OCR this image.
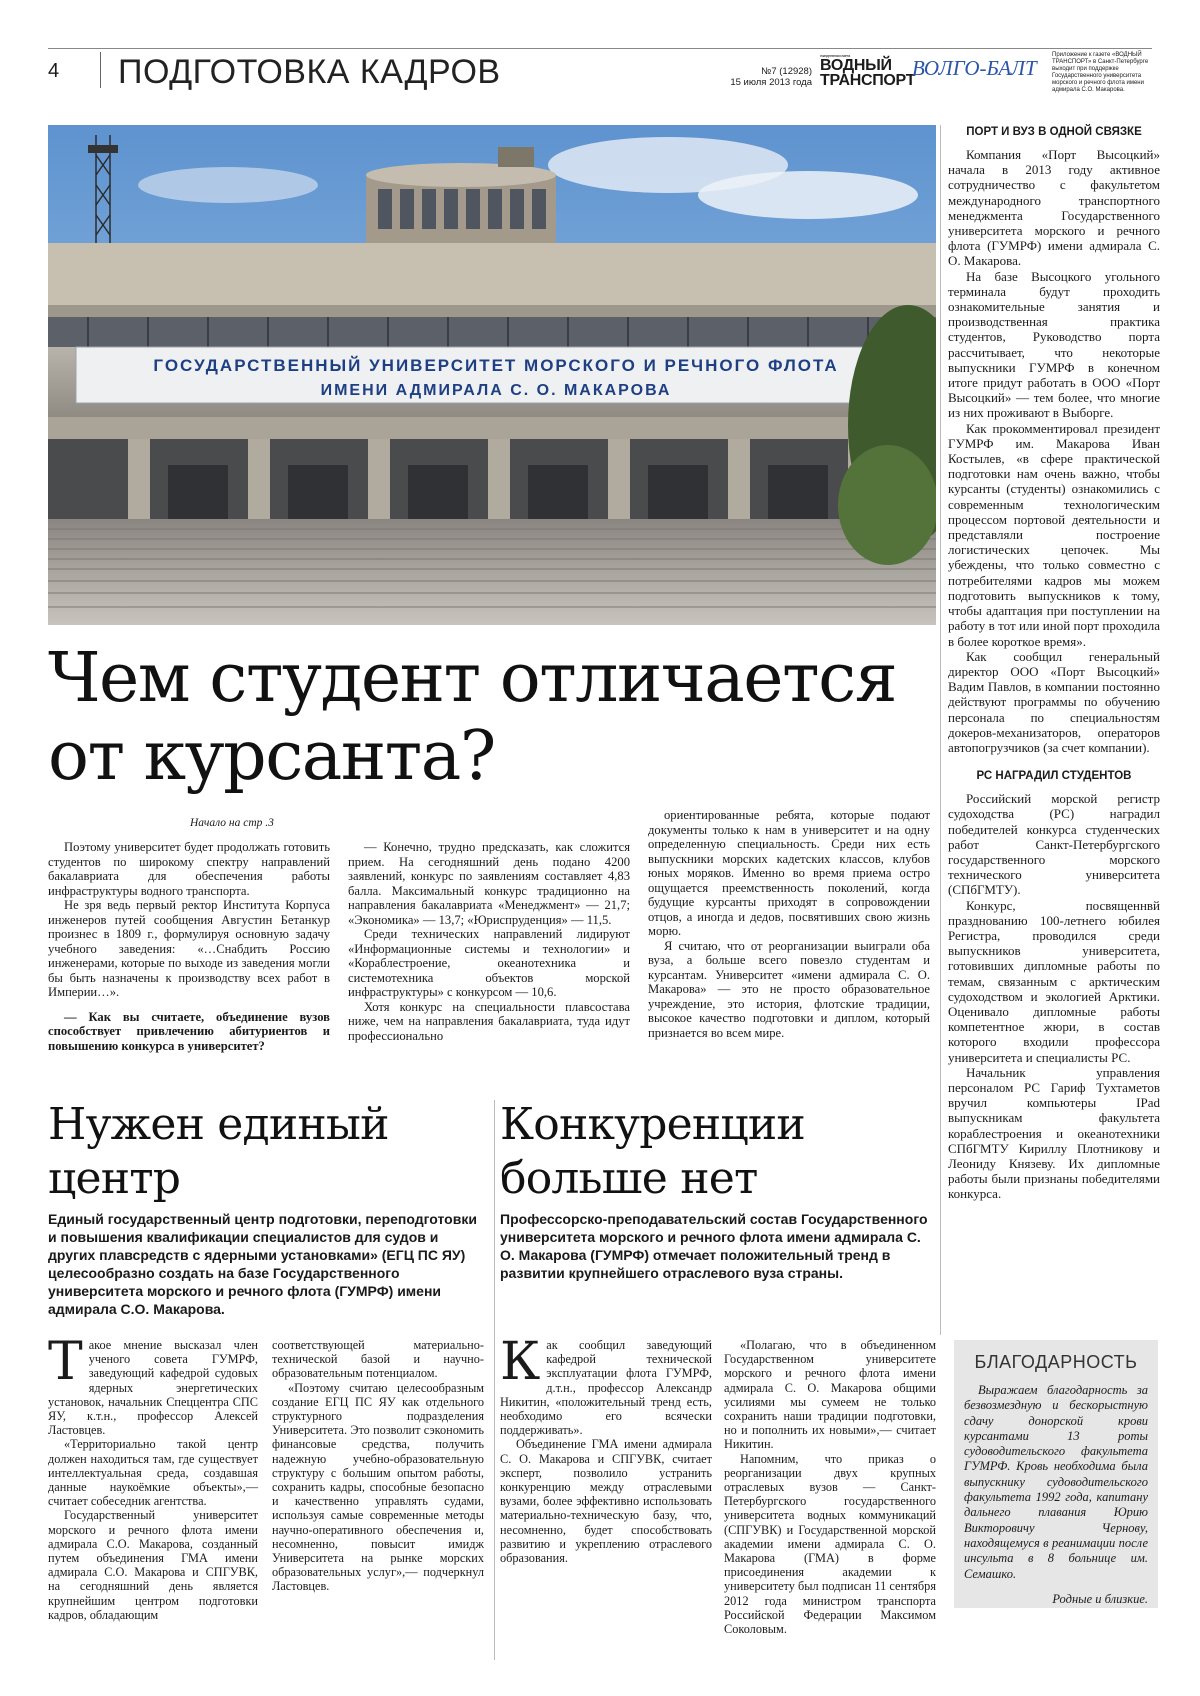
4 ПОДГОТОВКА КАДРОВ	№7 (12928)
15 июля 2013 года
ежедневная газета
ВОДНЫЙ
ТРАНСПОРТ
ВОЛГО-БАЛТ
Приложение к газете «ВОДНЫЙ ТРАНСПОРТ» в Санкт-Петербурге выходит при поддержке Государственного университета морского и речного флота имени адмирала С.О. Макарова.
ГОСУДАРСТВЕННЫЙ УНИВЕРСИТЕТ МОРСКОГО И РЕЧНОГО ФЛОТА
ИМЕНИ АДМИРАЛА С. О. МАКАРОВА
ПОРТ И ВУЗ В ОДНОЙ СВЯЗКЕ

Компания «Порт Высоцкий» начала в 2013 году активное сотрудничество с факультетом международного транспортного менеджмента Государственного университета морского и речного флота (ГУМРФ) имени адмирала С. О. Макарова.

На базе Высоцкого угольного терминала будут проходить ознакомительные занятия и производственная практика студентов, Руководство порта рассчитывает, что некоторые выпускники ГУМРФ в конечном итоге придут работать в ООО «Порт Высоцкий» — тем более, что многие из них проживают в Выборге.

Как прокомментировал президент ГУМРФ им. Макарова Иван Костылев, «в сфере практической подготовки нам очень важно, чтобы курсанты (студенты) ознакомились с современным технологическим процессом портовой деятельности и представляли построение логистических цепочек. Мы убеждены, что только совместно с потребителями кадров мы можем подготовить выпускников к тому, чтобы адаптация при поступлении на работу в тот или иной порт проходила в более короткое время».

Как сообщил генеральный директор ООО «Порт Высоцкий» Вадим Павлов, в компании постоянно действуют программы по обучению персонала по специальностям докеров-механизаторов, операторов автопогрузчиков (за счет компании).

РС НАГРАДИЛ СТУДЕНТОВ

Российский морской регистр судоходства (РС) наградил победителей конкурса студенческих работ Санкт-Петербургского государственного морского технического университета (СПбГМТУ).

Конкурс, посвященнвй празднованию 100-летнего юбилея Регистра, проводился среди выпускников университета, готовивших дипломные работы по темам, связанным с арктическим судоходством и экологией Арктики. Оценивало дипломные работы компетентное жюри, в состав которого входили профессора университета и специалисты РС.

Начальник управления персоналом РС Гариф Тухтаметов вручил компьютеры IPad выпускникам факультета кораблестроения и океанотехники СПбГМТУ Кириллу Плотникову и Леониду Князеву. Их дипломные работы были признаны победителями конкурса.

БЛАГОДАРНОСТЬ

Выражаем благодарность за безвозмездную и бескорыстную сдачу донорской крови курсантами 13 роты судоводительского факультета ГУМРФ. Кровь необходима была выпускнику судоводительского факультета 1992 года, капитану дальнего плавания Юрию Викторовичу Чернову, находящемуся в реанимации после инсульта в 8 больнице им. Семашко.

Родные и близкие.
Чем студент отличается от курсанта?
Начало на стр .3

Поэтому университет будет продолжать готовить студентов по широкому спектру направлений бакалавриата для обеспечения работы инфраструктуры водного транспорта.

Не зря ведь первый ректор Института Корпуса инженеров путей сообщения Августин Бетанкур произнес в 1809 г., формулируя основную задачу учебного заведения: «…Снабдить Россию инженерами, которые по выходе из заведения могли бы быть назначены к производству всех работ в Империи…».

— Как вы считаете, объединение вузов способствует привлечению абитуриентов и повышению конкурса в университет?

— Конечно, трудно предсказать, как сложится прием. На сегодняшний день подано 4200 заявлений, конкурс по заявлениям составляет 4,83 балла. Максимальный конкурс традиционно на направления бакалавриата «Менеджмент» — 21,7; «Экономика» — 13,7; «Юриспруденция» — 11,5.

Среди технических направлений лидируют «Информационные системы и технологии» и «Кораблестроение, океанотехника и системотехника объектов морской инфраструктуры» с конкурсом — 10,6.

Хотя конкурс на специальности плавсостава ниже, чем на направления бакалавриата, туда идут профессионально

ориентированные ребята, которые подают документы только к нам в университет и на одну определенную специальность. Среди них есть выпускники морских кадетских классов, клубов юных моряков. Именно во время приема остро ощущается преемственность поколений, когда будущие курсанты приходят в сопровождении отцов, а иногда и дедов, посвятивших свою жизнь морю.

Я считаю, что от реорганизации выиграли оба вуза, а больше всего повезло студентам и курсантам. Университет «имени адмирала С. О. Макарова» — это не просто образовательное учреждение, это история, флотские традиции, высокое качество подготовки и диплом, который признается во всем мире.

Нужен единый центр
Единый государственный центр подготовки, переподготовки и повышения квалификации специалистов для судов и других плавсредств с ядерными установками» (ЕГЦ ПС ЯУ) целесообразно создать на базе Государственного университета морского и речного флота (ГУМРФ) имени адмирала С.О. Макарова.

Такое мнение высказал член ученого совета ГУМРФ, заведующий кафедрой судовых ядерных энергетических установок, начальник Спеццентра СПС ЯУ, к.т.н., профессор Алексей Ластовцев.

«Территориально такой центр должен находиться там, где существует интеллектуальная среда, создавшая данные наукоёмкие объекты»,— считает собеседник агентства.

Государственный университет морского и речного флота имени адмирала С.О. Макарова, созданный путем объединения ГМА имени адмирала С.О. Макарова и СПГУВК, на сегодняшний день является крупнейшим центром подготовки кадров, обладающим

соответствующей материально-технической базой и научно-образовательным потенциалом.

«Поэтому считаю целесообразным создание ЕГЦ ПС ЯУ как отдельного структурного подразделения Университета. Это позволит сэкономить финансовые средства, получить надежную учебно-образовательную структуру с большим опытом работы, сохранить кадры, способные безопасно и качественно управлять судами, используя самые современные методы научно-оперативного обеспечения и, несомненно, повысит имидж Университета на рынке морских образовательных услуг»,— подчеркнул Ластовцев.

Конкуренции больше нет
Профессорско-преподавательский состав Государственного университета морского и речного флота имени адмирала С. О. Макарова (ГУМРФ) отмечает положительный тренд в развитии крупнейшего отраслевого вуза страны.

Как сообщил заведующий кафедрой технической эксплуатации флота ГУМРФ, д.т.н., профессор Александр Никитин, «положительный тренд есть, необходимо его всячески поддерживать».

Объединение ГМА имени адмирала С. О. Макарова и СПГУВК, считает эксперт, позволило устранить конкуренцию между отраслевыми вузами, более эффективно использовать материально-техническую базу, что, несомненно, будет способствовать развитию и укреплению отраслевого образования.

«Полагаю, что в объединенном Государственном университете морского и речного флота имени адмирала С. О. Макарова общими усилиями мы сумеем не только сохранить наши традиции подготовки, но и пополнить их новыми»,— считает Никитин.

Напомним, что приказ о реорганизации двух крупных отраслевых вузов — Санкт-Петербургского государственного университета водных коммуникаций (СПГУВК) и Государственной морской академии имени адмирала С. О. Макарова (ГМА) в форме присоединения академии к университету был подписан 11 сентября 2012 года министром транспорта Российской Федерации Максимом Соколовым.
